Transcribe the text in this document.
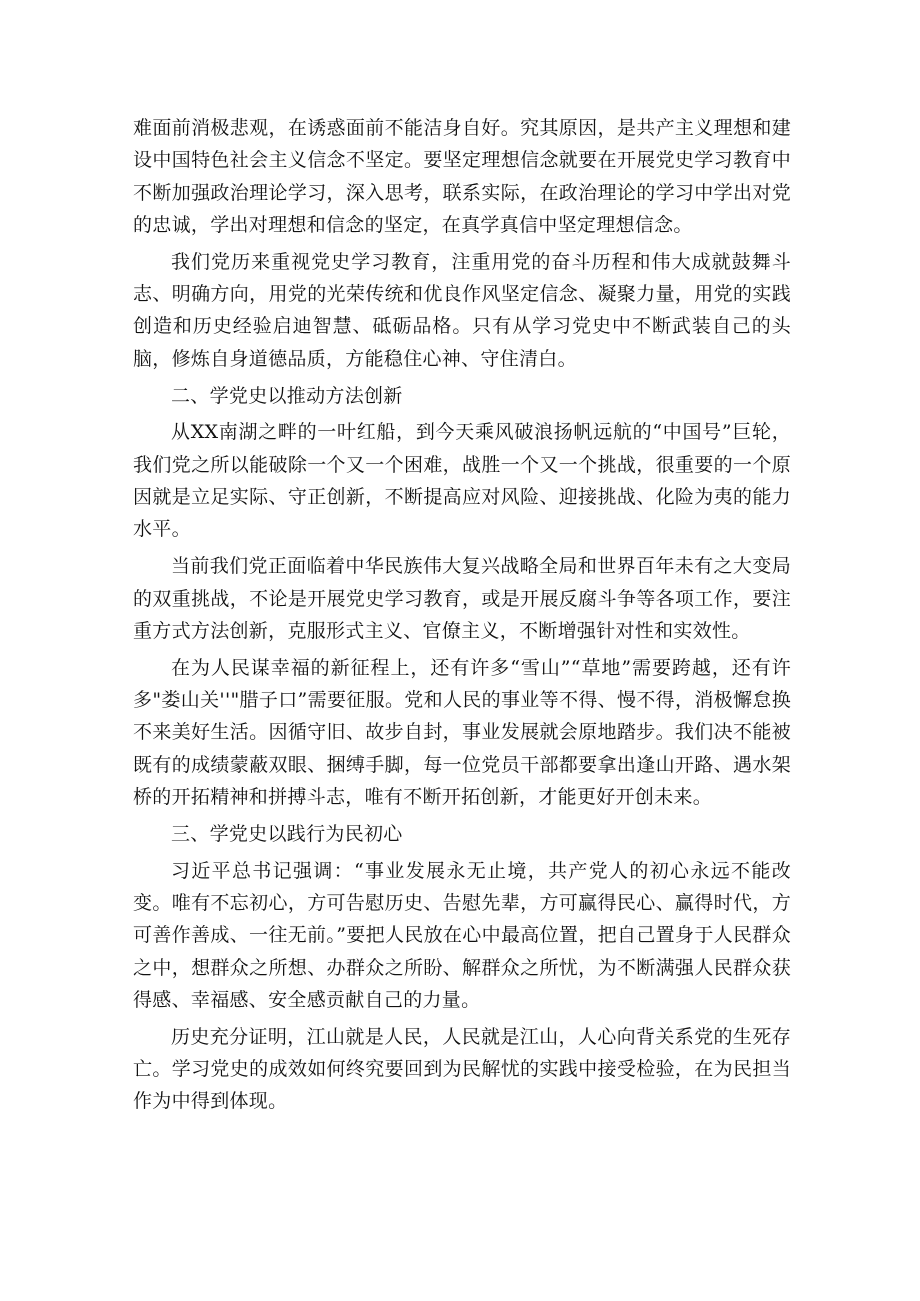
难面前消极悲观，在诱惑面前不能洁身自好。究其原因，是共产主义理想和建设中国特色社会主义信念不坚定。要坚定理想信念就要在开展党史学习教育中不断加强政治理论学习，深入思考，联系实际，在政治理论的学习中学出对党的忠诚，学出对理想和信念的坚定，在真学真信中坚定理想信念。

我们党历来重视党史学习教育，注重用党的奋斗历程和伟大成就鼓舞斗志、明确方向，用党的光荣传统和优良作风坚定信念、凝聚力量，用党的实践创造和历史经验启迪智慧、砥砺品格。只有从学习党史中不断武装自己的头脑，修炼自身道德品质，方能稳住心神、守住清白。

二、学党史以推动方法创新

从XX南湖之畔的一叶红船，到今天乘风破浪扬帆远航的“中国号”巨轮，我们党之所以能破除一个又一个困难，战胜一个又一个挑战，很重要的一个原因就是立足实际、守正创新，不断提高应对风险、迎接挑战、化险为夷的能力水平。

当前我们党正面临着中华民族伟大复兴战略全局和世界百年未有之大变局的双重挑战，不论是开展党史学习教育，或是开展反腐斗争等各项工作，要注重方式方法创新，克服形式主义、官僚主义，不断增强针对性和实效性。

在为人民谋幸福的新征程上，还有许多“雪山”“草地”需要跨越，还有许多"娄山关''"腊子口”需要征服。党和人民的事业等不得、慢不得，消极懈怠换不来美好生活。因循守旧、故步自封，事业发展就会原地踏步。我们决不能被既有的成绩蒙蔽双眼、捆缚手脚，每一位党员干部都要拿出逢山开路、遇水架桥的开拓精神和拼搏斗志，唯有不断开拓创新，才能更好开创未来。

三、学党史以践行为民初心

习近平总书记强调：“事业发展永无止境，共产党人的初心永远不能改变。唯有不忘初心，方可告慰历史、告慰先辈，方可赢得民心、赢得时代，方可善作善成、一往无前。”要把人民放在心中最高位置，把自己置身于人民群众之中，想群众之所想、办群众之所盼、解群众之所忧，为不断满强人民群众获得感、幸福感、安全感贡献自己的力量。

历史充分证明，江山就是人民，人民就是江山，人心向背关系党的生死存亡。学习党史的成效如何终究要回到为民解忧的实践中接受检验，在为民担当作为中得到体现。
